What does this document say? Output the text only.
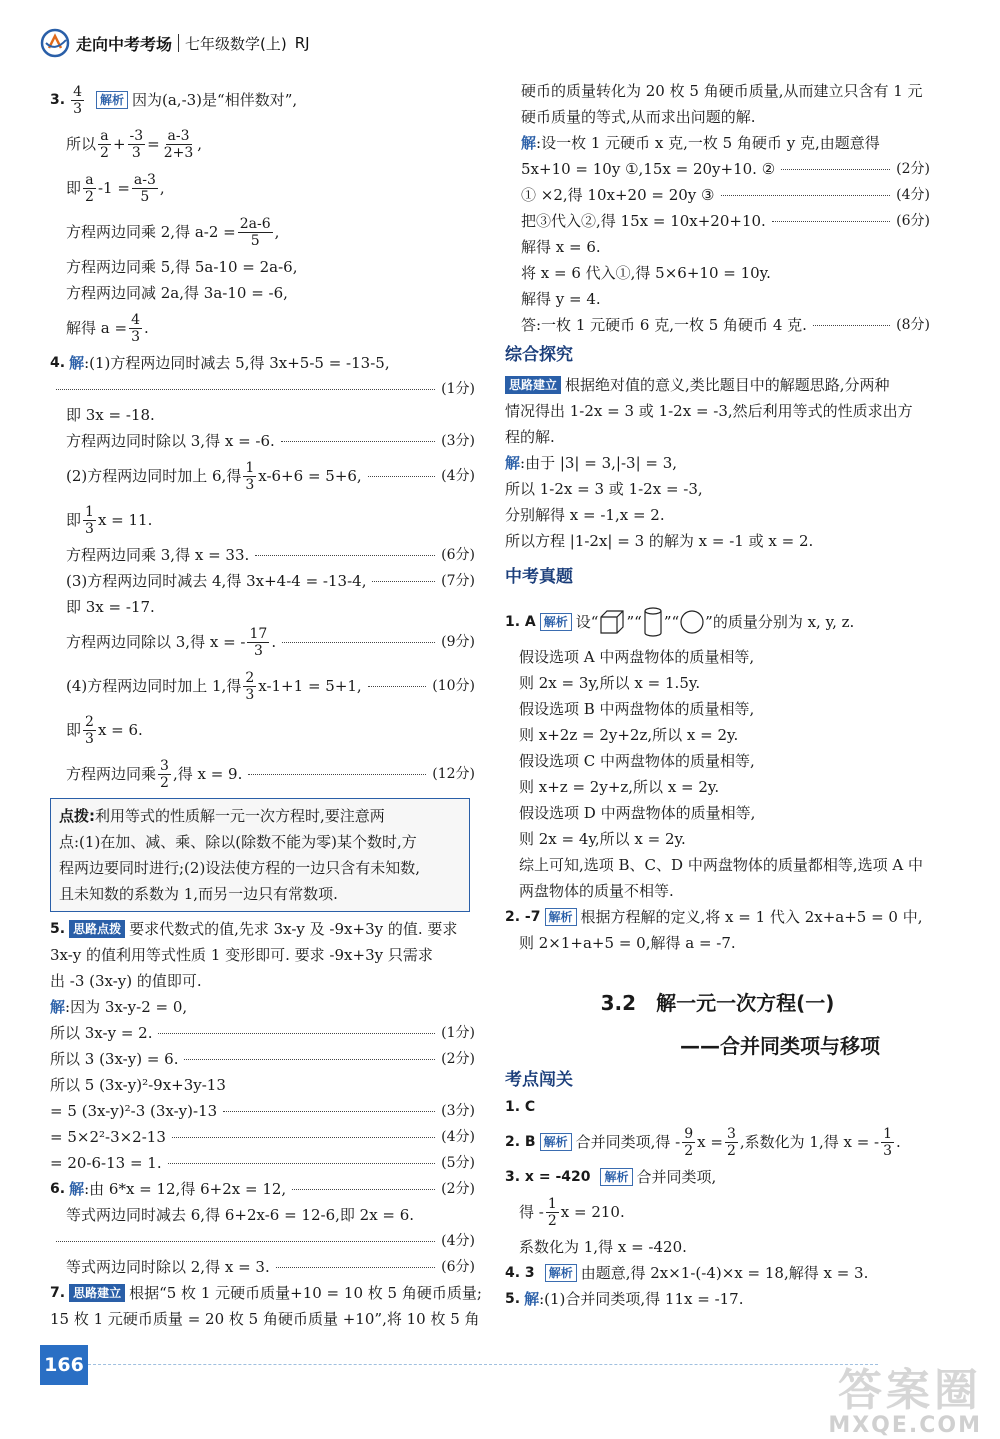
走向中考考场 七年级数学(上) RJ
3. $\frac{4}{3}$	解析 因为(a,-3)是“相伴数对”,
所以 $\frac{a}{2} + \frac{-3}{3} = \frac{a-3}{2+3}$ ,
即 $\frac{a}{2} -1 = \frac{a-3}{5}$ ,
方程两边同乘 2,得 $a-2 = \frac{2a-6}{5}$ ,
方程两边同乘 5,得 5a-10 = 2a-6,
方程两边同减 2a,得 3a-10 = -6,
解得 $a = \frac{4}{3}$ .
4. 解 :(1)方程两边同时减去 5,得 3x+5-5 = -13-5,
(1分)
即 3x = -18.
方程两边同时除以 3,得 x = -6.	(3分)
(2)方程两边同时加上 6,得 $\frac{1}{3} x-6+6 = 5+6$,	(4分)
即 $\frac{1}{3}$ x = 11.
方程两边同乘 3,得 x = 33.	(6分)
(3)方程两边同时减去 4,得 3x+4-4 = -13-4,	(7分)
即 3x = -17.
方程两边同除以 3,得 x = - $\frac{17}{3}$ .	(9分)
(4)方程两边同时加上 1,得 $\frac{2}{3} x-1+1 = 5+1$,	(10分)
即 $\frac{2}{3}$ x = 6.
方程两边同乘 $\frac{3}{2}$ ,得 x = 9.	(12分)
点拨:利用等式的性质解一元一次方程时,要注意两
点:(1)在加、减、乘、除以(除数不能为零)某个数时,方
程两边要同时进行;(2)设法使方程的一边只含有未知数,
且未知数的系数为 1,而另一边只有常数项.
5. 思路点拨 要求代数式的值,先求 3x-y 及 -9x+3y 的值. 要求
3x-y 的值利用等式性质 1 变形即可. 要求 -9x+3y 只需求
出 -3 (3x-y) 的值即可.
解 :因为 3x-y-2 = 0,
所以 3x-y = 2.	(1分)
所以 3 (3x-y) = 6.	(2分)
所以 5 (3x-y)²-9x+3y-13
= 5 (3x-y)²-3 (3x-y)-13	(3分)
= 5×2²-3×2-13	(4分)
= 20-6-13 = 1.	(5分)
6. 解 :由 6*x = 12,得 6+2x = 12,	(2分)
等式两边同时减去 6,得 6+2x-6 = 12-6,即 2x = 6.
(4分)
等式两边同时除以 2,得 x = 3.	(6分)
7. 思路建立 根据“5 枚 1 元硬币质量+10 = 10 枚 5 角硬币质量;
15 枚 1 元硬币质量 = 20 枚 5 角硬币质量 +10”,将 10 枚 5 角
硬币的质量转化为 20 枚 5 角硬币质量,从而建立只含有 1 元
硬币质量的等式,从而求出问题的解.
解 :设一枚 1 元硬币 x 克,一枚 5 角硬币 y 克,由题意得
5x+10 = 10y ①,15x = 20y+10. ②	(2分)
① ×2,得 10x+20 = 20y ③	(4分)
把③代入②,得 15x = 10x+20+10.	(6分)
解得 x = 6.
将 x = 6 代入①,得 5×6+10 = 10y.
解得 y = 4.
答:一枚 1 元硬币 6 克,一枚 5 角硬币 4 克.	(8分)
综合探究
思路建立 根据绝对值的意义,类比题目中的解题思路,分两种
情况得出 1-2x = 3 或 1-2x = -3,然后利用等式的性质求出方
程的解.
解 :由于 |3| = 3,|-3| = 3,
所以 1-2x = 3 或 1-2x = -3,
分别解得 x = -1,x = 2.
所以方程 |1-2x| = 3 的解为 x = -1 或 x = 2.
中考真题
1. A 解析 设“ ”“ ”“ ”的质量分别为 x, y, z.
假设选项 A 中两盘物体的质量相等,
则 2x = 3y,所以 x = 1.5y.
假设选项 B 中两盘物体的质量相等,
则 x+2z = 2y+2z,所以 x = 2y.
假设选项 C 中两盘物体的质量相等,
则 x+z = 2y+z,所以 x = 2y.
假设选项 D 中两盘物体的质量相等,
则 2x = 4y,所以 x = 2y.
综上可知,选项 B、C、D 中两盘物体的质量都相等,选项 A 中
两盘物体的质量不相等.
2. -7 解析 根据方程解的定义,将 x = 1 代入 2x+a+5 = 0 中,
则 2×1+a+5 = 0,解得 a = -7.
3.2　解一元一次方程(一)
——合并同类项与移项
考点闯关
1. C
2. B 解析 合并同类项,得 - $\frac{9}{2}$ $x = \frac{3}{2}$ ,系数化为 1,得 x = - $\frac{1}{3}$ .
3. x = -420	解析 合并同类项,
得 - $\frac{1}{2}$ x = 210.
系数化为 1,得 x = -420.
4. 3	解析 由题意,得 2x×1-(-4)×x = 18,解得 x = 3.
5. 解 :(1)合并同类项,得 11x = -17.
166	答案圈
MXQE.COM
